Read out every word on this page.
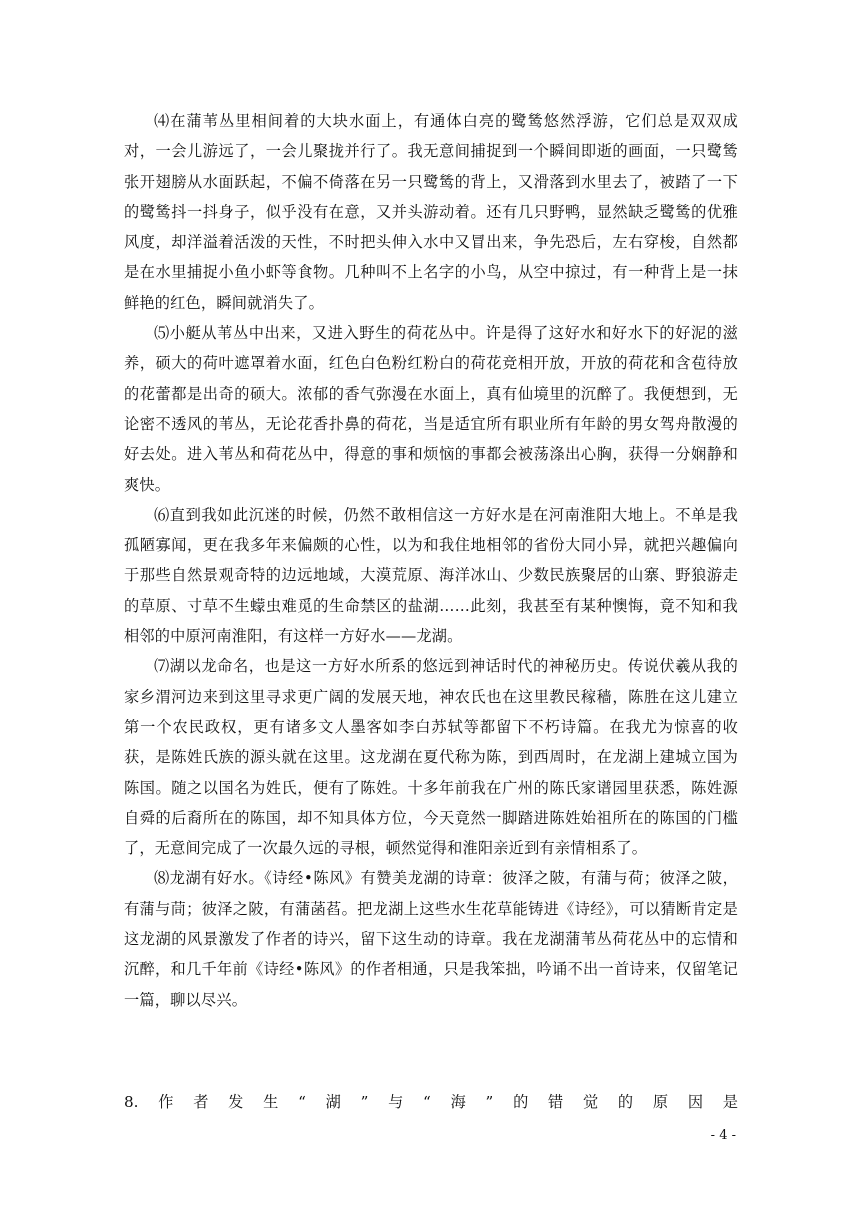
⑷在蒲苇丛里相间着的大块水面上，有通体白亮的鹭鸶悠然浮游，它们总是双双成对，一会儿游远了，一会儿聚拢并行了。我无意间捕捉到一个瞬间即逝的画面，一只鹭鸶张开翅膀从水面跃起，不偏不倚落在另一只鹭鸶的背上，又滑落到水里去了，被踏了一下的鹭鸶抖一抖身子，似乎没有在意，又并头游动着。还有几只野鸭，显然缺乏鹭鸶的优雅风度，却洋溢着活泼的天性，不时把头伸入水中又冒出来，争先恐后，左右穿梭，自然都是在水里捕捉小鱼小虾等食物。几种叫不上名字的小鸟，从空中掠过，有一种背上是一抹鲜艳的红色，瞬间就消失了。

⑸小艇从苇丛中出来，又进入野生的荷花丛中。许是得了这好水和好水下的好泥的滋养，硕大的荷叶遮罩着水面，红色白色粉红粉白的荷花竞相开放，开放的荷花和含苞待放的花蕾都是出奇的硕大。浓郁的香气弥漫在水面上，真有仙境里的沉醉了。我便想到，无论密不透风的苇丛，无论花香扑鼻的荷花，当是适宜所有职业所有年龄的男女驾舟散漫的好去处。进入苇丛和荷花丛中，得意的事和烦恼的事都会被荡涤出心胸，获得一分娴静和爽快。

⑹直到我如此沉迷的时候，仍然不敢相信这一方好水是在河南淮阳大地上。不单是我孤陋寡闻，更在我多年来偏颇的心性，以为和我住地相邻的省份大同小异，就把兴趣偏向于那些自然景观奇特的边远地域，大漠荒原、海洋冰山、少数民族聚居的山寨、野狼游走的草原、寸草不生蠓虫难觅的生命禁区的盐湖……此刻，我甚至有某种懊悔，竟不知和我相邻的中原河南淮阳，有这样一方好水——龙湖。

⑺湖以龙命名，也是这一方好水所系的悠远到神话时代的神秘历史。传说伏羲从我的家乡渭河边来到这里寻求更广阔的发展天地，神农氏也在这里教民稼穑，陈胜在这儿建立第一个农民政权，更有诸多文人墨客如李白苏轼等都留下不朽诗篇。在我尤为惊喜的收获，是陈姓氏族的源头就在这里。这龙湖在夏代称为陈，到西周时，在龙湖上建城立国为陈国。随之以国名为姓氏，便有了陈姓。十多年前我在广州的陈氏家谱园里获悉，陈姓源自舜的后裔所在的陈国，却不知具体方位，今天竟然一脚踏进陈姓始祖所在的陈国的门槛了，无意间完成了一次最久远的寻根，顿然觉得和淮阳亲近到有亲情相系了。

⑻龙湖有好水。《诗经•陈风》有赞美龙湖的诗章：彼泽之陂，有蒲与荷；彼泽之陂，有蒲与茼；彼泽之陂，有蒲菡萏。把龙湖上这些水生花草能铸进《诗经》，可以猜断肯定是这龙湖的风景激发了作者的诗兴，留下这生动的诗章。我在龙湖蒲苇丛荷花丛中的忘情和沉醉，和几千年前《诗经•陈风》的作者相通，只是我笨拙，吟诵不出一首诗来，仅留笔记一篇，聊以尽兴。

8. 作 者 发 生 “ 湖 ” 与 “ 海 ” 的 错 觉 的 原 因 是
- 4 -
